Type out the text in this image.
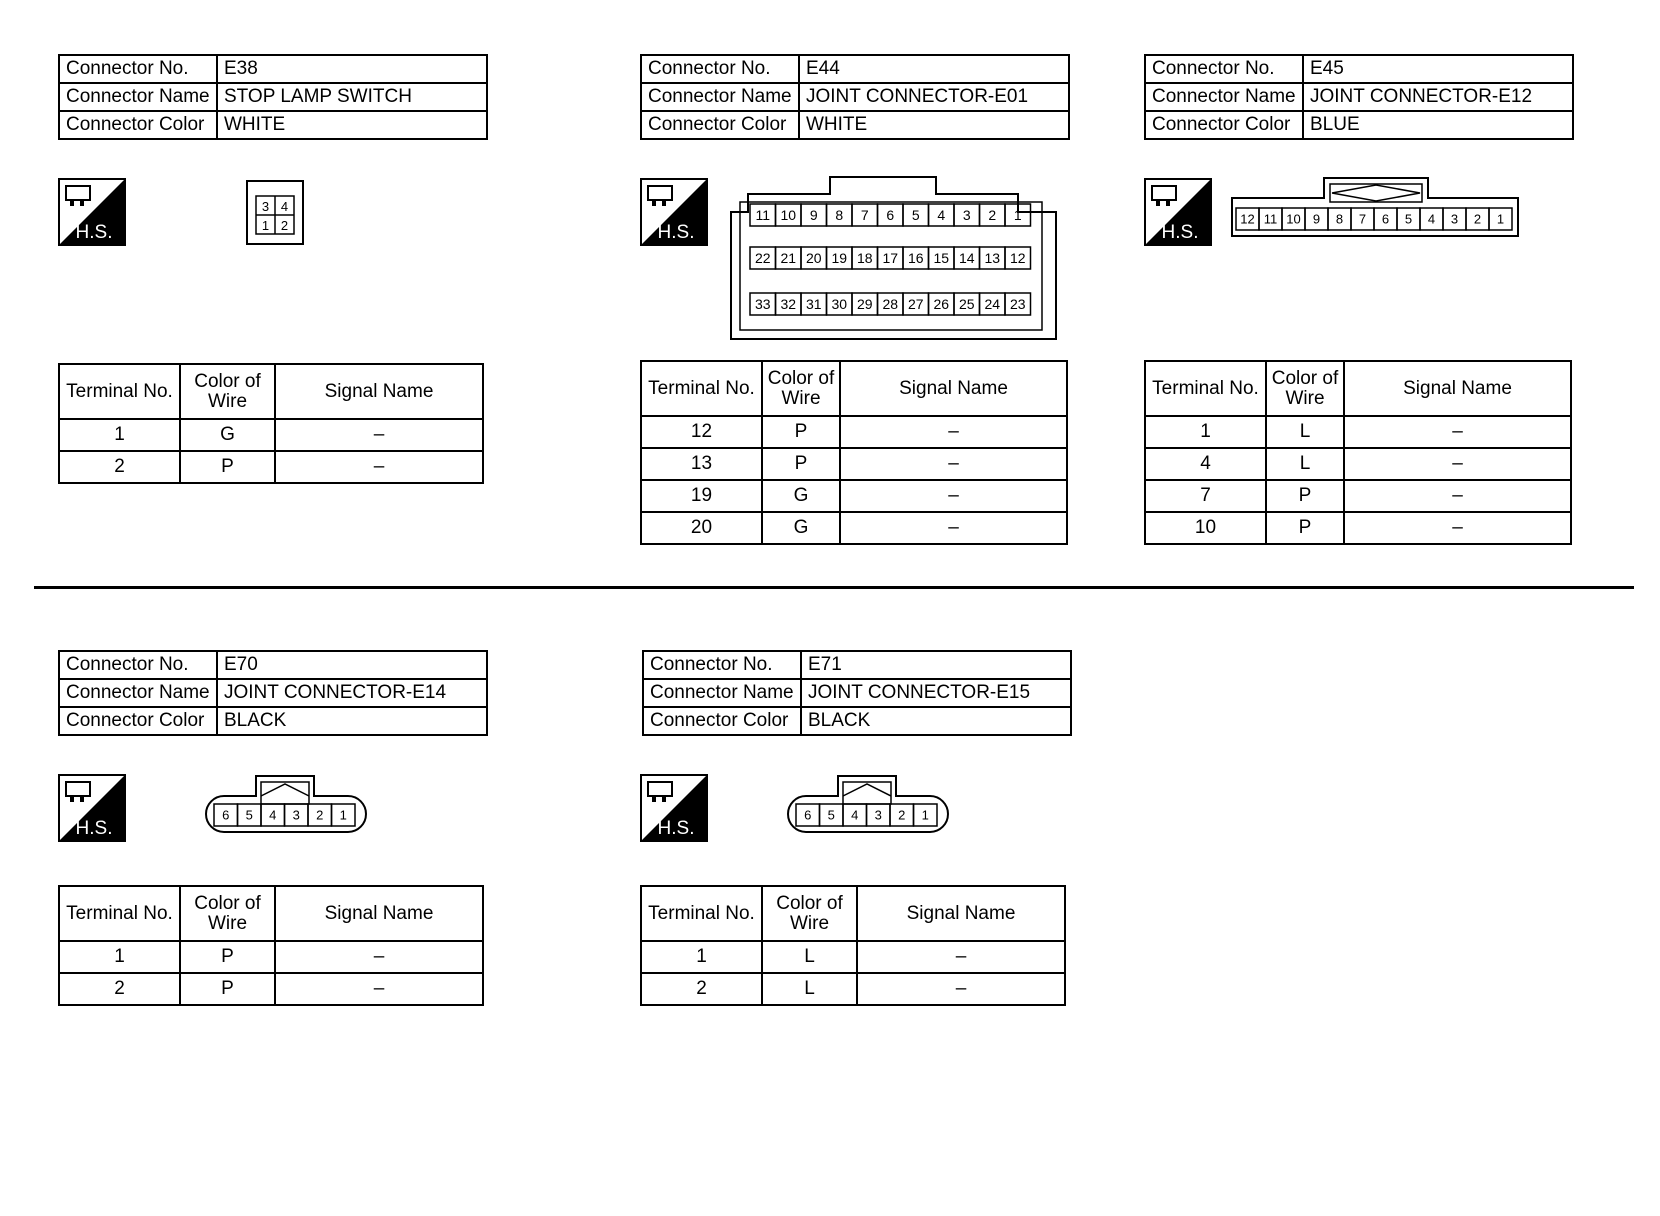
Connector No.	E38
Connector Name	STOP LAMP SWITCH
Connector Color	WHITE
H.S.
3 4
1 2
Terminal No.	Color of Wire	Signal Name
1	G	–
2	P	–
Connector No.	E44
Connector Name	JOINT CONNECTOR-E01
Connector Color	WHITE
H.S.
11 10 9 8 7 6 5 4 3 2 1
22 21 20 19 18 17 16 15 14 13 12
33 32 31 30 29 28 27 26 25 24 23
Terminal No.	Color of Wire	Signal Name
12	P	–
13	P	–
19	G	–
20	G	–
Connector No.	E45
Connector Name	JOINT CONNECTOR-E12
Connector Color	BLUE
H.S.
12 11 10 9 8 7 6 5 4 3 2 1
Terminal No.	Color of Wire	Signal Name
1	L	–
4	L	–
7	P	–
10	P	–
Connector No.	E70
Connector Name	JOINT CONNECTOR-E14
Connector Color	BLACK
H.S.
6 5 4 3 2 1
Terminal No.	Color of Wire	Signal Name
1	P	–
2	P	–
Connector No.	E71
Connector Name	JOINT CONNECTOR-E15
Connector Color	BLACK
H.S.
6 5 4 3 2 1
Terminal No.	Color of Wire	Signal Name
1	L	–
2	L	–
